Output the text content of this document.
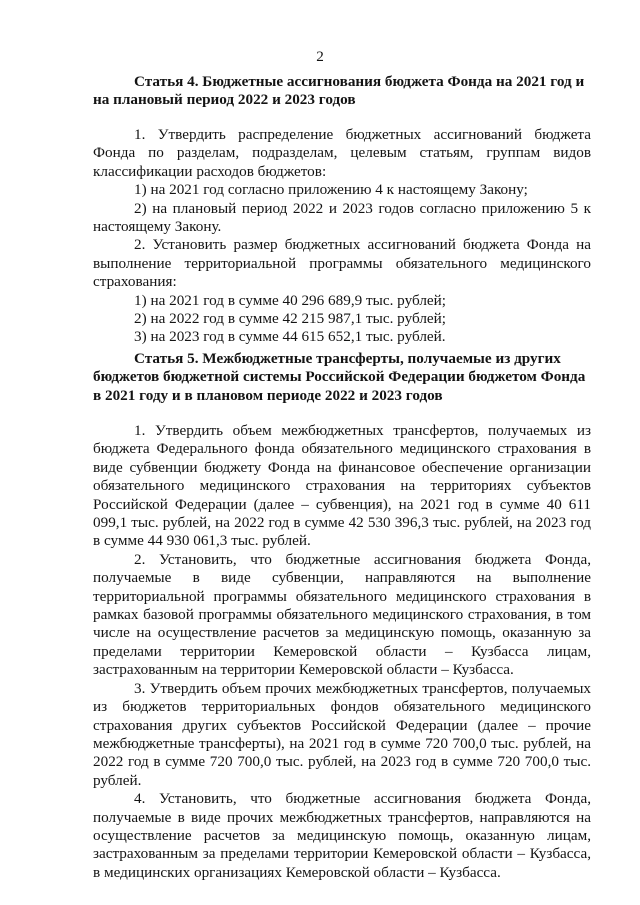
2
Статья 4. Бюджетные ассигнования бюджета Фонда на 2021 год и на плановый период 2022 и 2023 годов

1. Утвердить распределение бюджетных ассигнований бюджета Фонда по разделам, подразделам, целевым статьям, группам видов классификации расходов бюджетов:

1) на 2021 год согласно приложению 4 к настоящему Закону;

2) на плановый период 2022 и 2023 годов согласно приложению 5 к настоящему Закону.

2. Установить размер бюджетных ассигнований бюджета Фонда на выполнение территориальной программы обязательного медицинского страхования:

1) на 2021 год в сумме 40 296 689,9 тыс. рублей;

2) на 2022 год в сумме 42 215 987,1 тыс. рублей;

3) на 2023 год в сумме 44 615 652,1 тыс. рублей.

Статья 5. Межбюджетные трансферты, получаемые из других бюджетов бюджетной системы Российской Федерации бюджетом Фонда в 2021 году и в плановом периоде 2022 и 2023 годов

1. Утвердить объем межбюджетных трансфертов, получаемых из бюджета Федерального фонда обязательного медицинского страхования в виде субвенции бюджету Фонда на финансовое обеспечение организации обязательного медицинского страхования на территориях субъектов Российской Федерации (далее – субвенция), на 2021 год в сумме 40 611 099,1 тыс. рублей, на 2022 год в сумме 42 530 396,3 тыс. рублей, на 2023 год в сумме 44 930 061,3 тыс. рублей.

2. Установить, что бюджетные ассигнования бюджета Фонда, получаемые в виде субвенции, направляются на выполнение территориальной программы обязательного медицинского страхования в рамках базовой программы обязательного медицинского страхования, в том числе на осуществление расчетов за медицинскую помощь, оказанную за пределами территории Кемеровской области – Кузбасса лицам, застрахованным на территории Кемеровской области – Кузбасса.

3. Утвердить объем прочих межбюджетных трансфертов, получаемых из бюджетов территориальных фондов обязательного медицинского страхования других субъектов Российской Федерации (далее – прочие межбюджетные трансферты), на 2021 год в сумме 720 700,0 тыс. рублей, на 2022 год в сумме 720 700,0 тыс. рублей, на 2023 год в сумме 720 700,0 тыс. рублей.

4. Установить, что бюджетные ассигнования бюджета Фонда, получаемые в виде прочих межбюджетных трансфертов, направляются на осуществление расчетов за медицинскую помощь, оказанную лицам, застрахованным за пределами территории Кемеровской области – Кузбасса, в медицинских организациях Кемеровской области – Кузбасса.
